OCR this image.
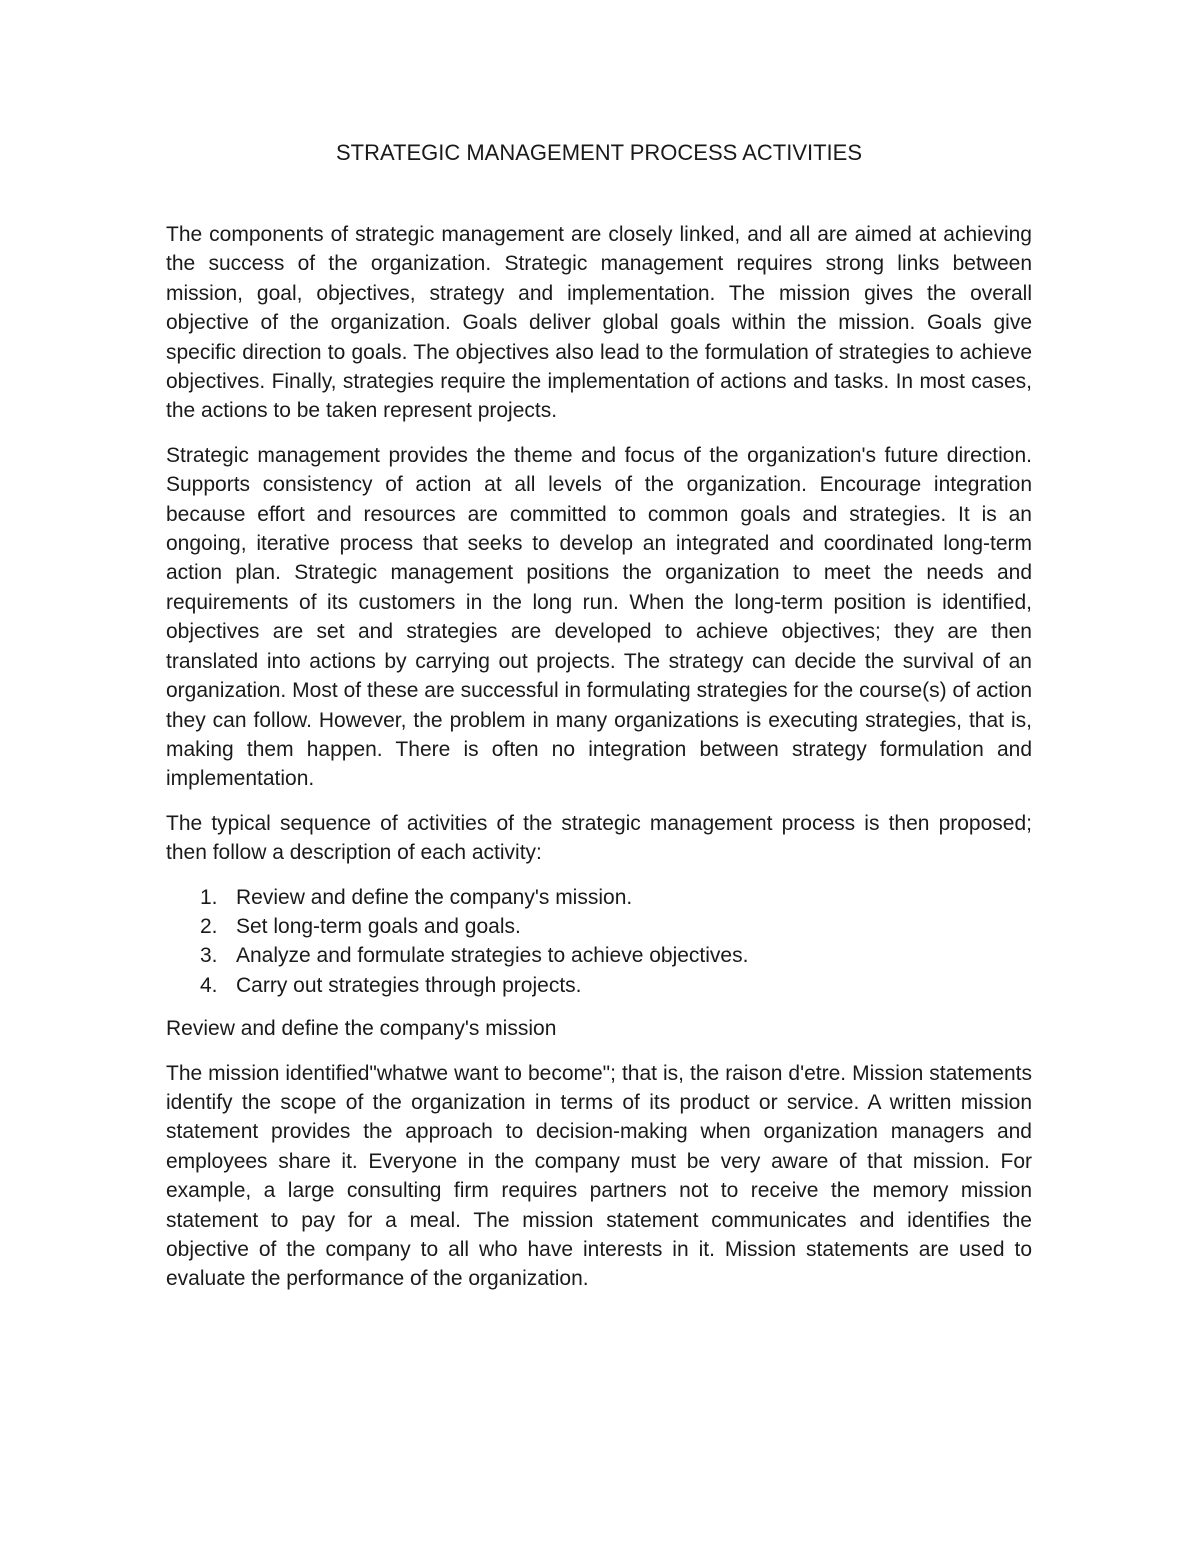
STRATEGIC MANAGEMENT PROCESS ACTIVITIES

The components of strategic management are closely linked, and all are aimed at achieving the success of the organization. Strategic management requires strong links between mission, goal, objectives, strategy and implementation. The mission gives the overall objective of the organization. Goals deliver global goals within the mission. Goals give specific direction to goals. The objectives also lead to the formulation of strategies to achieve objectives. Finally, strategies require the implementation of actions and tasks. In most cases, the actions to be taken represent projects.

Strategic management provides the theme and focus of the organization's future direction. Supports consistency of action at all levels of the organization. Encourage integration because effort and resources are committed to common goals and strategies. It is an ongoing, iterative process that seeks to develop an integrated and coordinated long-term action plan. Strategic management positions the organization to meet the needs and requirements of its customers in the long run. When the long-term position is identified, objectives are set and strategies are developed to achieve objectives; they are then translated into actions by carrying out projects. The strategy can decide the survival of an organization. Most of these are successful in formulating strategies for the course(s) of action they can follow. However, the problem in many organizations is executing strategies, that is, making them happen. There is often no integration between strategy formulation and implementation.

The typical sequence of activities of the strategic management process is then proposed; then follow a description of each activity:

1. Review and define the company's mission.
2. Set long-term goals and goals.
3. Analyze and formulate strategies to achieve objectives.
4. Carry out strategies through projects.
Review and define the company's mission

The mission identified"whatwe want to become"; that is, the raison d'etre. Mission statements identify the scope of the organization in terms of its product or service. A written mission statement provides the approach to decision-making when organization managers and employees share it. Everyone in the company must be very aware of that mission. For example, a large consulting firm requires partners not to receive the memory mission statement to pay for a meal. The mission statement communicates and identifies the objective of the company to all who have interests in it. Mission statements are used to evaluate the performance of the organization.
